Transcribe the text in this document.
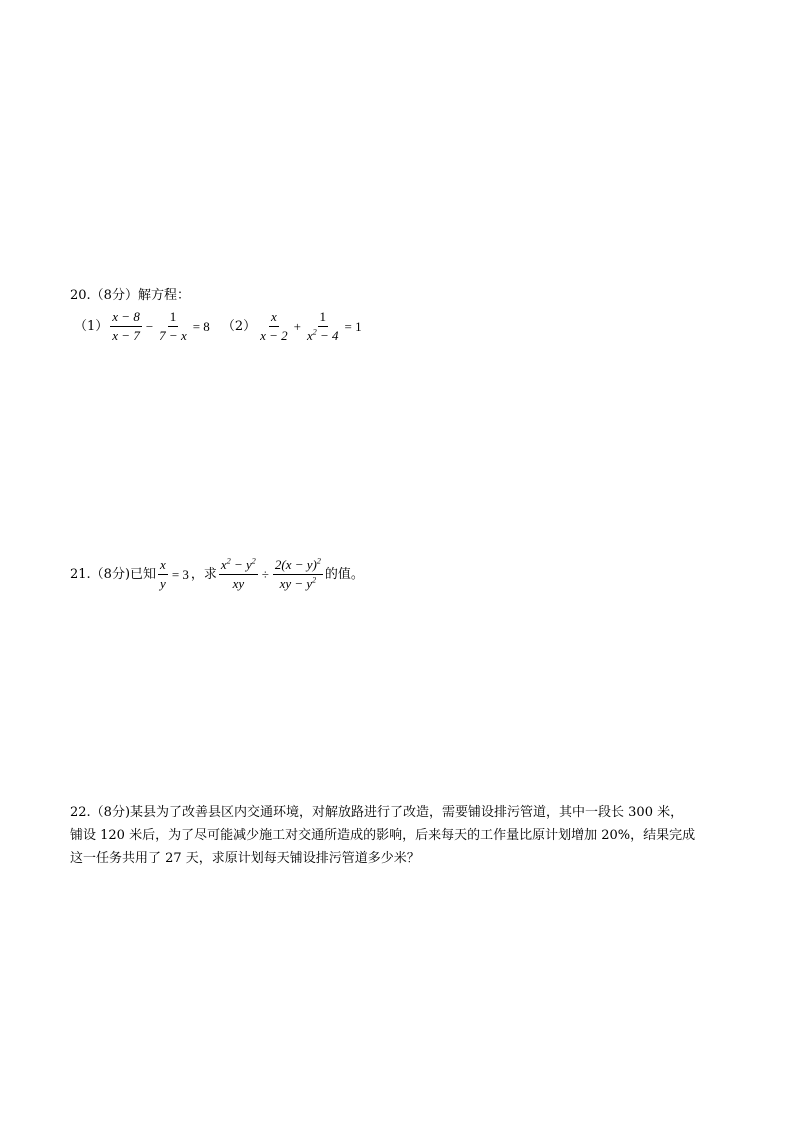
20.（8分）解方程：
$(1) \frac{x - 8}{x - 7} - \frac{1}{7 - x} = 8$ $(2) \frac{x}{x - 2} + \frac{1}{x^2 - 4} = 1$
21.（8分)已知 $\frac{x}{y} = 3$ ，求 $\frac{x^2 - y^2}{xy} \div \frac{2(x - y)^2}{xy - y^2}$ 的值。
22.（8分)某县为了改善县区内交通环境，对解放路进行了改造，需要铺设排污管道，其中一段长 300 米，
铺设 120 米后，为了尽可能减少施工对交通所造成的影响，后来每天的工作量比原计划增加 20%，结果完成
这一任务共用了 27 天，求原计划每天铺设排污管道多少米？
